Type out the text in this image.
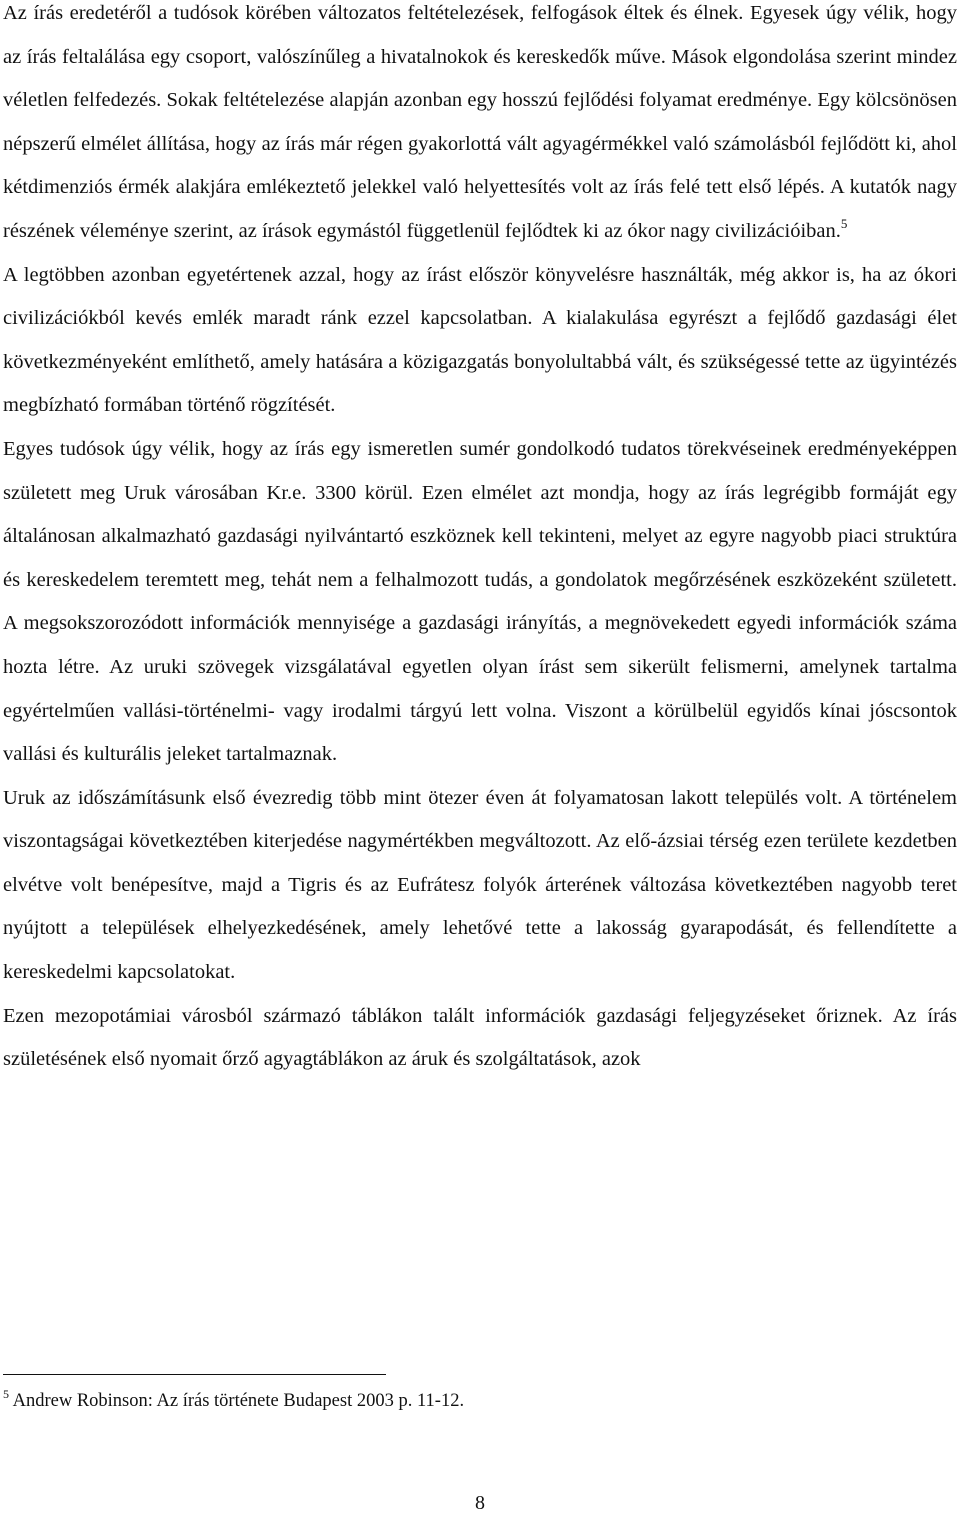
Az írás eredetéről a tudósok körében változatos feltételezések, felfogások éltek és élnek. Egyesek úgy vélik, hogy az írás feltalálása egy csoport, valószínűleg a hivatalnokok és kereskedők műve. Mások elgondolása szerint mindez véletlen felfedezés. Sokak feltételezése alapján azonban egy hosszú fejlődési folyamat eredménye. Egy kölcsönösen népszerű elmélet állítása, hogy az írás már régen gyakorlottá vált agyagérmékkel való számolásból fejlődött ki, ahol kétdimenziós érmék alakjára emlékeztető jelekkel való helyettesítés volt az írás felé tett első lépés. A kutatók nagy részének véleménye szerint, az írások egymástól függetlenül fejlődtek ki az ókor nagy civilizációiban.$^5$

A legtöbben azonban egyetértenek azzal, hogy az írást először könyvelésre használták, még akkor is, ha az ókori civilizációkból kevés emlék maradt ránk ezzel kapcsolatban. A kialakulása egyrészt a fejlődő gazdasági élet következményeként említhető, amely hatására a közigazgatás bonyolultabbá vált, és szükségessé tette az ügyintézés megbízható formában történő rögzítését.

Egyes tudósok úgy vélik, hogy az írás egy ismeretlen sumér gondolkodó tudatos törekvéseinek eredményeképpen született meg Uruk városában Kr.e. 3300 körül. Ezen elmélet azt mondja, hogy az írás legrégibb formáját egy általánosan alkalmazható gazdasági nyilvántartó eszköznek kell tekinteni, melyet az egyre nagyobb piaci struktúra és kereskedelem teremtett meg, tehát nem a felhalmozott tudás, a gondolatok megőrzésének eszközeként született. A megsokszorozódott információk mennyisége a gazdasági irányítás, a megnövekedett egyedi információk száma hozta létre. Az uruki szövegek vizsgálatával egyetlen olyan írást sem sikerült felismerni, amelynek tartalma egyértelműen vallási-történelmi- vagy irodalmi tárgyú lett volna. Viszont a körülbelül egyidős kínai jóscsontok vallási és kulturális jeleket tartalmaznak.

Uruk az időszámításunk első évezredig több mint ötezer éven át folyamatosan lakott település volt. A történelem viszontagságai következtében kiterjedése nagymértékben megváltozott. Az elő-ázsiai térség ezen területe kezdetben elvétve volt benépesítve, majd a Tigris és az Eufrátesz folyók árterének változása következtében nagyobb teret nyújtott a települések elhelyezkedésének, amely lehetővé tette a lakosság gyarapodását, és fellendítette a kereskedelmi kapcsolatokat.

Ezen mezopotámiai városból származó táblákon talált információk gazdasági feljegyzéseket őriznek. Az írás születésének első nyomait őrző agyagtáblákon az áruk és szolgáltatások, azok

$^5$ Andrew Robinson: Az írás története Budapest 2003 p. 11-12.

8
